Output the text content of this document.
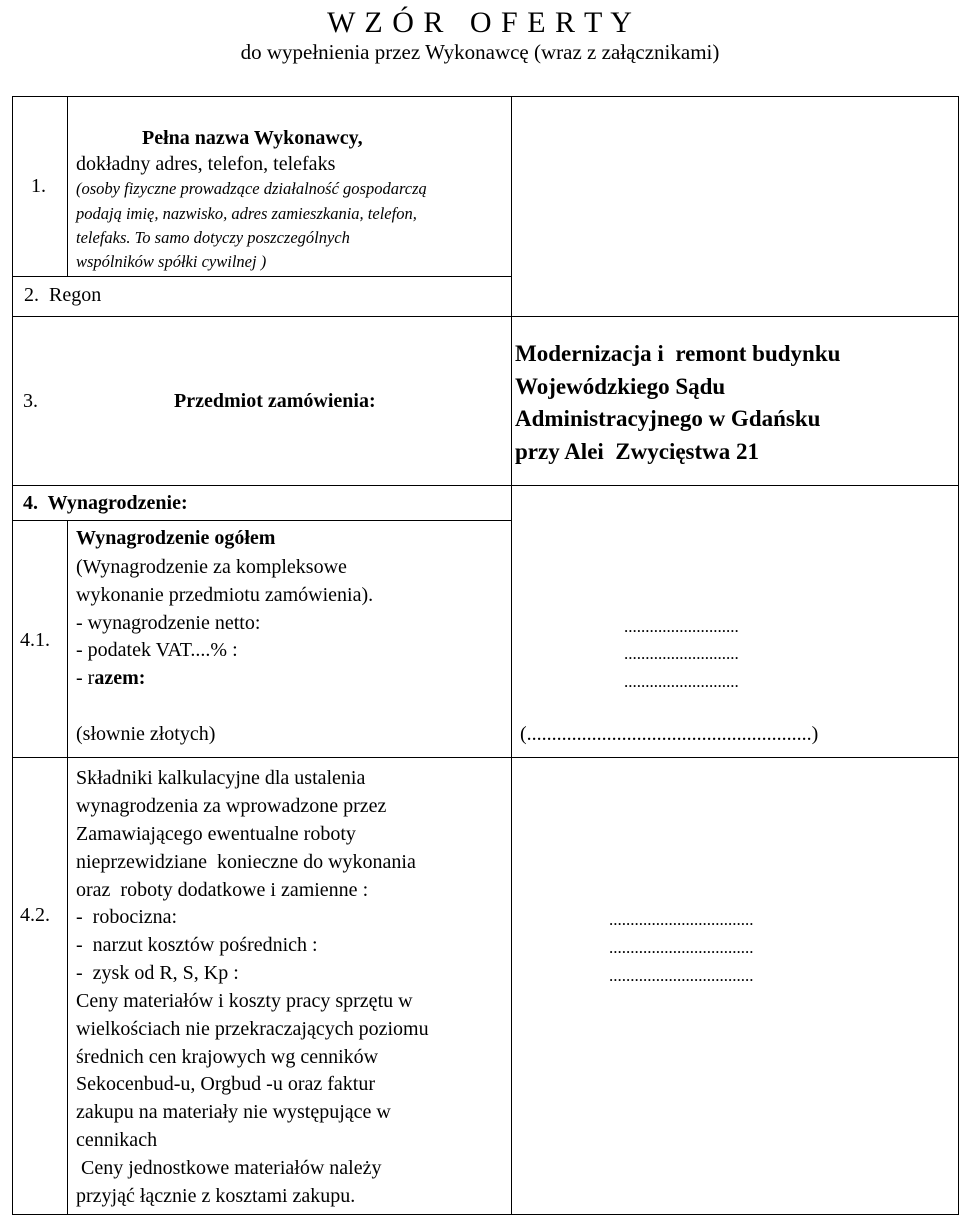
W Z Ó R   O F E R T Y
do wypełnienia przez Wykonawcę (wraz z załącznikami)
1.
Pełna nazwa Wykonawcy,
dokładny adres, telefon, telefaks
(osoby fizyczne prowadzące działalność gospodarczą
podają imię, nazwisko, adres zamieszkania, telefon,
telefaks. To samo dotyczy poszczególnych
wspólników spółki cywilnej )
2.  Regon
3.	Przedmiot zamówienia:
Modernizacja i  remont budynku
Wojewódzkiego Sądu
Administracyjnego w Gdańsku
przy Alei  Zwycięstwa 21
4.  Wynagrodzenie:
4.1.
Wynagrodzenie ogółem
(Wynagrodzenie za kompleksowe
wykonanie przedmiotu zamówienia).
- wynagrodzenie netto:
- podatek VAT....% :
- razem:
...........................
...........................
...........................
(słownie złotych)	(.........................................................)
4.2.
Składniki kalkulacyjne dla ustalenia
wynagrodzenia za wprowadzone przez
Zamawiającego ewentualne roboty
nieprzewidziane  konieczne do wykonania
oraz  roboty dodatkowe i zamienne :
-  robocizna:
-  narzut kosztów pośrednich :
-  zysk od R, S, Kp :
Ceny materiałów i koszty pracy sprzętu w
wielkościach nie przekraczających poziomu
średnich cen krajowych wg cenników
Sekocenbud-u, Orgbud -u oraz faktur
zakupu na materiały nie występujące w
cennikach
Ceny jednostkowe materiałów należy
przyjąć łącznie z kosztami zakupu.
..................................
..................................
..................................
